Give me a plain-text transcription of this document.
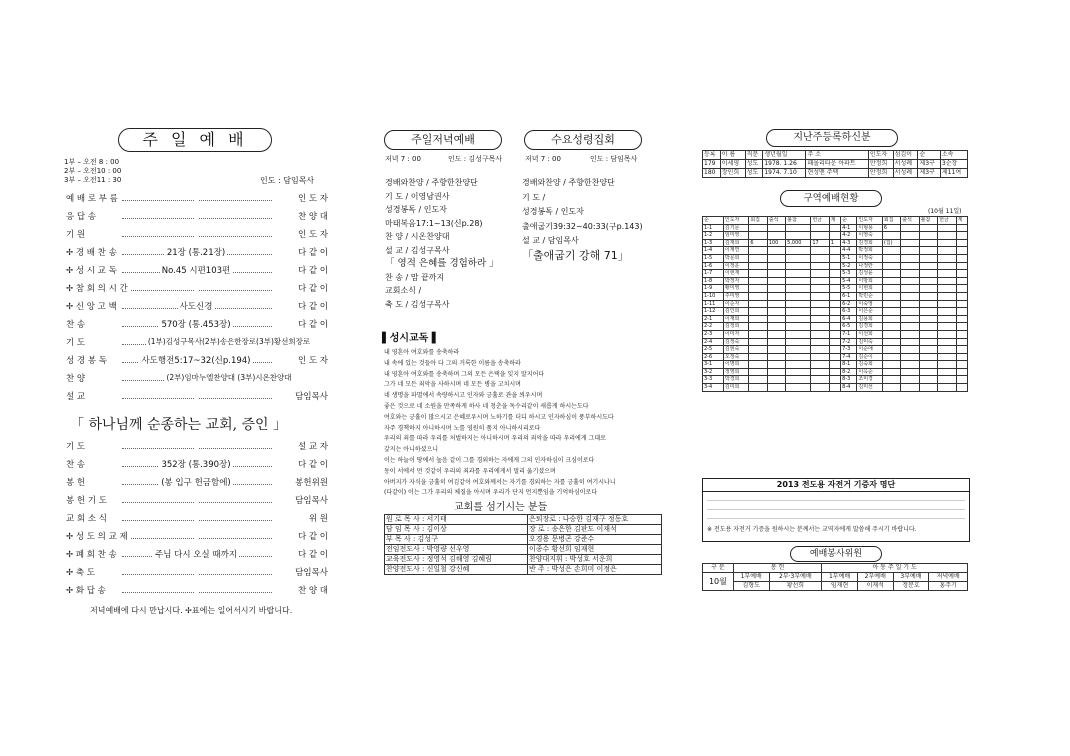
주 일 예 배
1부 – 오전 8 : 00
2부 – 오전10 : 00
3부 – 오전11 : 30	인도 : 담임목사
예 배 로 부 름	인 도 자
응 답 송	찬 양 대
기 원	인 도 자
✢ 경 배 찬 송	21장 (통.21장)	다 같 이
✢ 성 시 교 독	No.45 시편103편	다 같 이
✢ 참 회 의 시 간	다 같 이
✢ 신 앙 고 백	사도신경	다 같 이
찬 송	570장 (통.453장)	다 같 이
기 도	(1부)김성구목사(2부)송은한장로(3부)황선희장로
성 경 봉 독	사도행전5:17~32(신p.194)	인 도 자
찬 양	(2부)임마누엘찬양대 (3부)시온찬양대
설 교	담임목사
「 하나님께 순종하는 교회, 증인 」
기 도	설 교 자
찬 송	352장 (통.390장)	다 같 이
봉 헌	(봉 입구 헌금함에)	봉헌위원
봉 헌 기 도	담임목사
교 회 소 식	위 원
✢ 성 도 의 교 제	다 같 이
✢ 폐 회 찬 송	주님 다시 오실 때까지	다 같 이
✢ 축 도	담임목사
✢ 화 답 송	찬 양 대
저녁예배에 다시 만납시다. ✢표에는 일어서시기 바랍니다.
주일저녁예배
저녁 7 : 00	인도 : 김성구목사
경배와찬양 / 주향한찬양단
기 도 / 이영남권사
성경봉독 / 인도자
마태복음17:1~13(신p.28)
찬 양 / 시온찬양대
설 교 / 김성구목사
「 영적 은혜를 경험하라 」
찬 송 / 맘 끝까지
교회소식 /
축 도 / 김성구목사
수요성령집회
저녁 7 : 00	인도 : 담임목사
경배와찬양 / 주향한찬양단
기 도 /
성경봉독 / 인도자
출애굽기39:32~40:33(구p.143)
설 교 / 담임목사
「출애굽기 강해 71」
▌성시교독 ▌
내 영혼아 여호와를 송축하라
내 속에 있는 것들아 다 그의 거룩한 이름을 송축하라
내 영혼아 여호와를 송축하며 그의 모든 은택을 잊지 말지어다
그가 네 모든 죄악을 사하시며 네 모든 병을 고치시며
네 생명을 파멸에서 속량하시고 인자와 긍휼로 관을 씌우시며
좋은 것으로 네 소원을 만족하게 하사 네 청춘을 독수리같이 새롭게 하시는도다
여호와는 긍휼이 많으시고 은혜로우시며 노하기를 더디 하시고 인자하심이 풍부하시도다
자주 경책하지 아니하시며 노를 영원히 품지 아니하시리로다
우리의 죄를 따라 우리를 처벌하지는 아니하시며 우리의 죄악을 따라 우리에게 그대로
갚지는 아니하셨으니
이는 하늘이 땅에서 높음 같이 그를 경외하는 자에게 그의 인자하심이 크심이로다
동이 서에서 먼 것같이 우리의 죄과를 우리에게서 멀리 옮기셨으며
아버지가 자식을 긍휼히 여김같이 여호와께서는 자기를 경외하는 자를 긍휼히 여기시나니
(다같이) 이는 그가 우리의 체질을 아시며 우리가 단지 먼지뿐임을 기억하심이로다
교회를 섬기시는 분들
원 로 목 사 : 서기태	은퇴장로 : 나승한 김재구 정동호
담 임 목 사 : 김이상	장 로 : 송은한 김판도 이재석
부 목 사 : 김성구	오경용 문병곤 강준수
전임전도사 : 박영량 선우영	이종수 황선희 임재현
교육전도사 : 정영석 김해영 김혜림	찬양대지휘 : 박성호 서운희
찬양전도사 : 신일철 강신혜	반 주 : 박성은 손희미 이정은
지난주등록하신분
등록	이 름	직분	생년월일	주 소	인도자	섬김이	순	소속
179	이세영	성도	1978. 1.26	패몰리타운 아파트	안정희	서성례	제3구	3순장
180	장인희	성도	1974. 7.10	현성맨 주택	안정희	서성례	제3구	제11여
구역예배현황
(10월 11일)
순	인도자	회집	출석	불참	헌금	계	순	인도자	회집	출석	불참	헌금	계
1-1	김기문						4-1	이형용	6				
1-2	임미영						4-2	이영숙					
1-3	김재희	6	100	5,000	17	1	4-3	김경희	(집)				
1-4	이계연						4-4	박정희					
1-5	박문희						5-1	이정숙					
1-6	이정운						5-2	나정란					
1-7	이현재						5-3	김성윤					
1-8	박정자						5-4	이방희					
1-9	황미영						5-5	이현희					
1-10	주미영						6-1	박민순					
1-11	이순자						6-2	이숙영					
1-12	김인희						6-3	이은순					
2-1	이재희						6-4	김용희					
2-2	김정희						6-5	김경희					
2-3	이미자						7-1	이선희					
2-4	김정숙						7-2	김미숙					
2-5	김현숙						7-3	이순애					
2-6	오정숙						7-4	김순이					
3-1	이명희						8-1	김숙희					
3-2	정영희						8-2	이옥순					
3-3	박경희						8-3	조미경					
3-4	김미희						8-4	김미선					
2013 전도용 자전거 기증자 명단
※ 전도용 자전거 기증을 원하시는 분께서는 교역자에게 말씀해 주시기 바랍니다.
예배봉사위원
구 분	봉 헌		아 동 주 일 기 도			
10월	1부예배	2부·3부예배	1부예배	2부예배	3부예배	저녁예배
	김형도	황선희	임재현	이재석	정문호	홍주기
